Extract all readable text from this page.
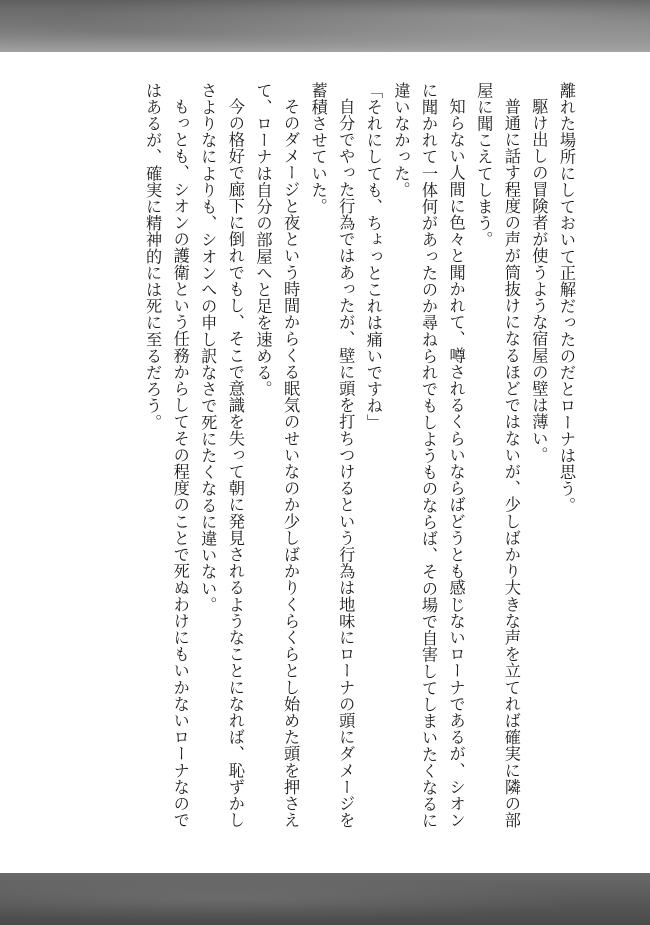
離れた場所にしておいて正解だったのだとローナは思う。

駆け出しの冒険者が使うような宿屋の壁は薄い。

普通に話す程度の声が筒抜けになるほどではないが、少しばかり大きな声を立てれば確実に隣の部

屋に聞こえてしまう。

知らない人間に色々と聞かれて、噂されるくらいならばどうとも感じないローナであるが、シオン

に聞かれて一体何があったのか尋ねられでもしようものならば、その場で自害してしまいたくなるに

違いなかった。

「それにしても、ちょっとこれは痛いですね」

自分でやった行為ではあったが、壁に頭を打ちつけるという行為は地味にローナの頭にダメージを

蓄積させていた。

そのダメージと夜という時間からくる眠気のせいなのか少しばかりくらくらとし始めた頭を押さえ

て、ローナは自分の部屋へと足を速める。

今の格好で廊下に倒れでもし、そこで意識を失って朝に発見されるようなことになれば、恥ずかし

さよりなによりも、シオンへの申し訳なさで死にたくなるに違いない。

もっとも、シオンの護衛という任務からしてその程度のことで死ぬわけにもいかないローナなので

はあるが、確実に精神的には死に至るだろう。
